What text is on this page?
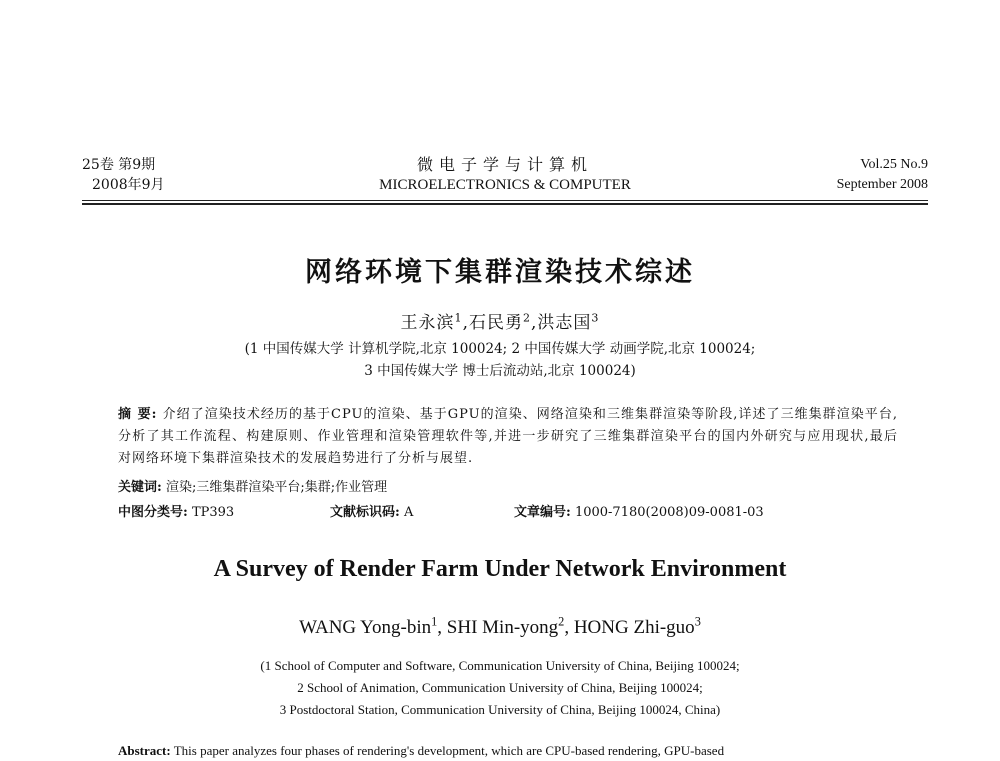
25卷 第9期
2008年9月
微电子学与计算机
MICROELECTRONICS & COMPUTER
Vol.25 No.9
September 2008
网络环境下集群渲染技术综述
王永滨$^1$,石民勇$^2$,洪志国$^3$
(1 中国传媒大学 计算机学院,北京 100024; 2 中国传媒大学 动画学院,北京 100024;
3 中国传媒大学 博士后流动站,北京 100024)
摘 要: 介绍了渲染技术经历的基于CPU的渲染、基于GPU的渲染、网络渲染和三维集群渲染等阶段,详述了三维集群渲染平台,分析了其工作流程、构建原则、作业管理和渲染管理软件等,并进一步研究了三维集群渲染平台的国内外研究与应用现状,最后对网络环境下集群渲染技术的发展趋势进行了分析与展望.
关键词: 渲染;三维集群渲染平台;集群;作业管理
中图分类号: TP393	文献标识码: A	文章编号: 1000-7180(2008)09-0081-03
A Survey of Render Farm Under Network Environment
WANG Yong-bin$^1$, SHI Min-yong$^2$, HONG Zhi-guo$^3$
(1 School of Computer and Software, Communication University of China, Beijing 100024;
2 School of Animation, Communication University of China, Beijing 100024;
3 Postdoctoral Station, Communication University of China, Beijing 100024, China)
Abstract: This paper analyzes four phases of rendering's development, which are CPU-based rendering, GPU-based
